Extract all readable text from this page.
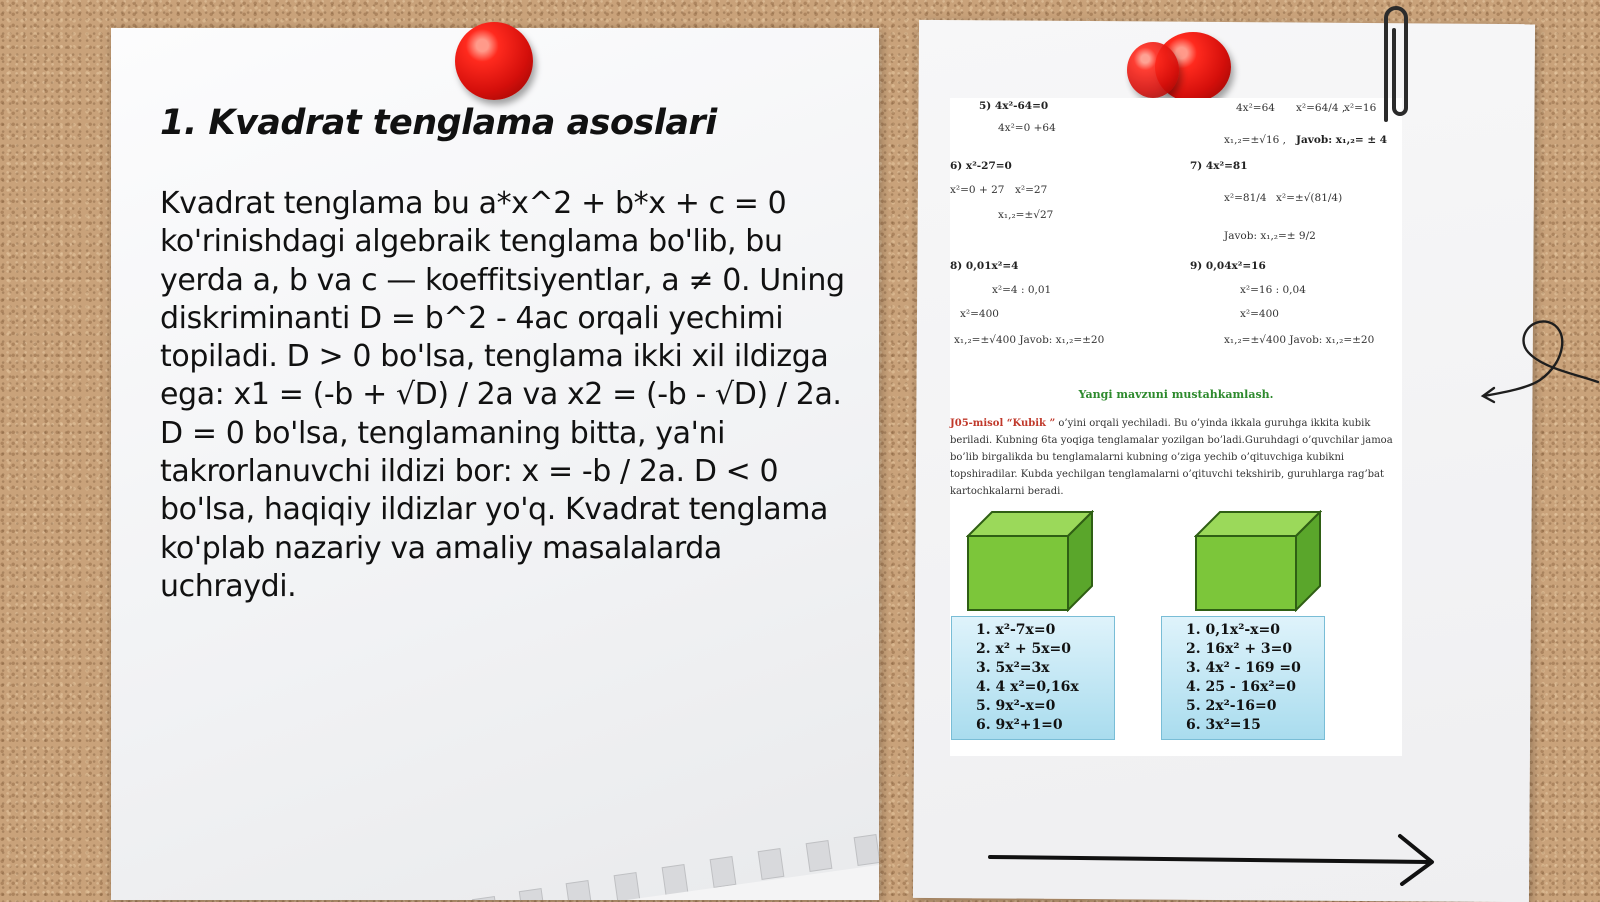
1. Kvadrat tenglama asoslari

Kvadrat tenglama bu a*x^2 + b*x + c = 0 ko'rinishdagi algebraik tenglama bo'lib, bu yerda a, b va c — koeffitsiyentlar, a ≠ 0. Uning diskriminanti D = b^2 - 4ac orqali yechimi topiladi. D > 0 bo'lsa, tenglama ikki xil ildizga ega: x1 = (-b + √D) / 2a va x2 = (-b - √D) / 2a. D = 0 bo'lsa, tenglamaning bitta, ya'ni takrorlanuvchi ildizi bor: x = -b / 2a. D < 0 bo'lsa, haqiqiy ildizlar yo'q. Kvadrat tenglama ko'plab nazariy va amaliy masalalarda uchraydi.

5) 4x²-64=0
4x²=0 +64
4x²=64 x²=64/4 ,
x²=16
x₁,₂=±√16 , Javob: x₁,₂= ± 4
6) x²-27=0
x²=0 + 27 x²=27
x₁,₂=±√27
7) 4x²=81
x²=81/4 x²=±√(81/4)
Javob: x₁,₂=± 9/2
8) 0,01x²=4
x²=4 : 0,01
x²=400
x₁,₂=±√400 Javob: x₁,₂=±20
9) 0,04x²=16
x²=16 : 0,04
x²=400
x₁,₂=±√400 Javob: x₁,₂=±20
Yangi mavzuni mustahkamlash.
J05-misol “Kubik ” o’yini orqali yechiladi. Bu o’yinda ikkala guruhga ikkita kubik beriladi. Kubning 6ta yoqiga tenglamalar yozilgan bo’ladi.Guruhdagi o’quvchilar jamoa bo’lib birgalikda bu tenglamalarni kubning o’ziga yechib o’qituvchiga kubikni topshiradilar. Kubda yechilgan tenglamalarni o’qituvchi tekshirib, guruhlarga rag’bat kartochkalarni beradi.
1. x²-7x=0
2. x² + 5x=0
3. 5x²=3x
4. 4 x²=0,16x
5. 9x²-x=0
6. 9x²+1=0
1. 0,1x²-x=0
2. 16x² + 3=0
3. 4x² - 169 =0
4. 25 - 16x²=0
5. 2x²-16=0
6. 3x²=15
